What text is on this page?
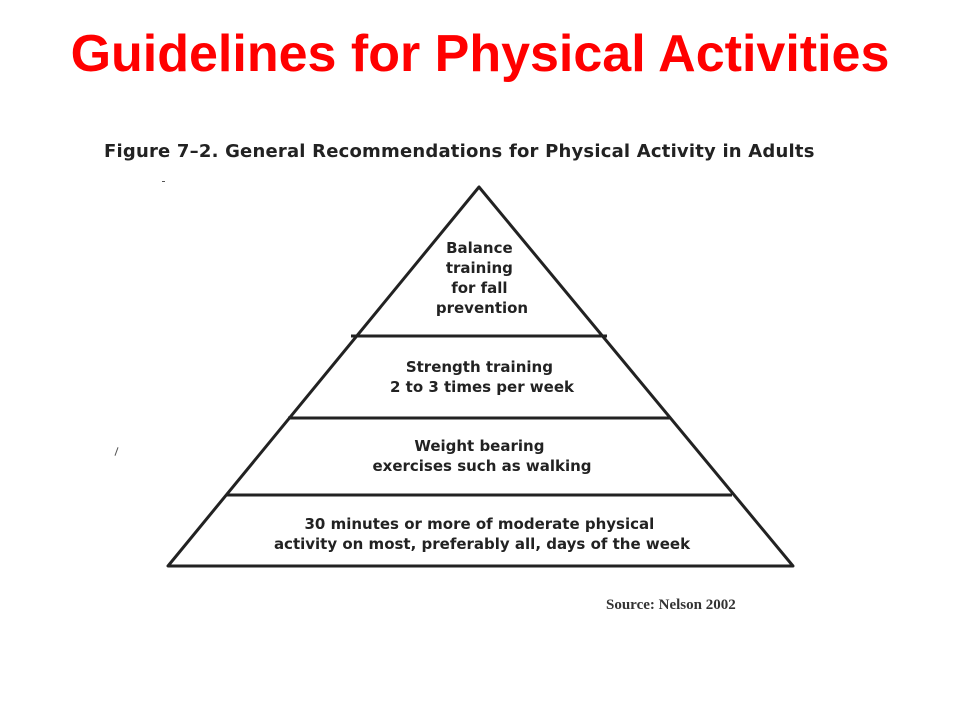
Guidelines for Physical Activities
Figure 7–2. General Recommendations for Physical Activity in Adults
Balance training for fall prevention
Strength training 2 to 3 times per week
Weight bearing exercises such as walking
30 minutes or more of moderate physical activity on most, preferably all, days of the week
Source: Nelson 2002
